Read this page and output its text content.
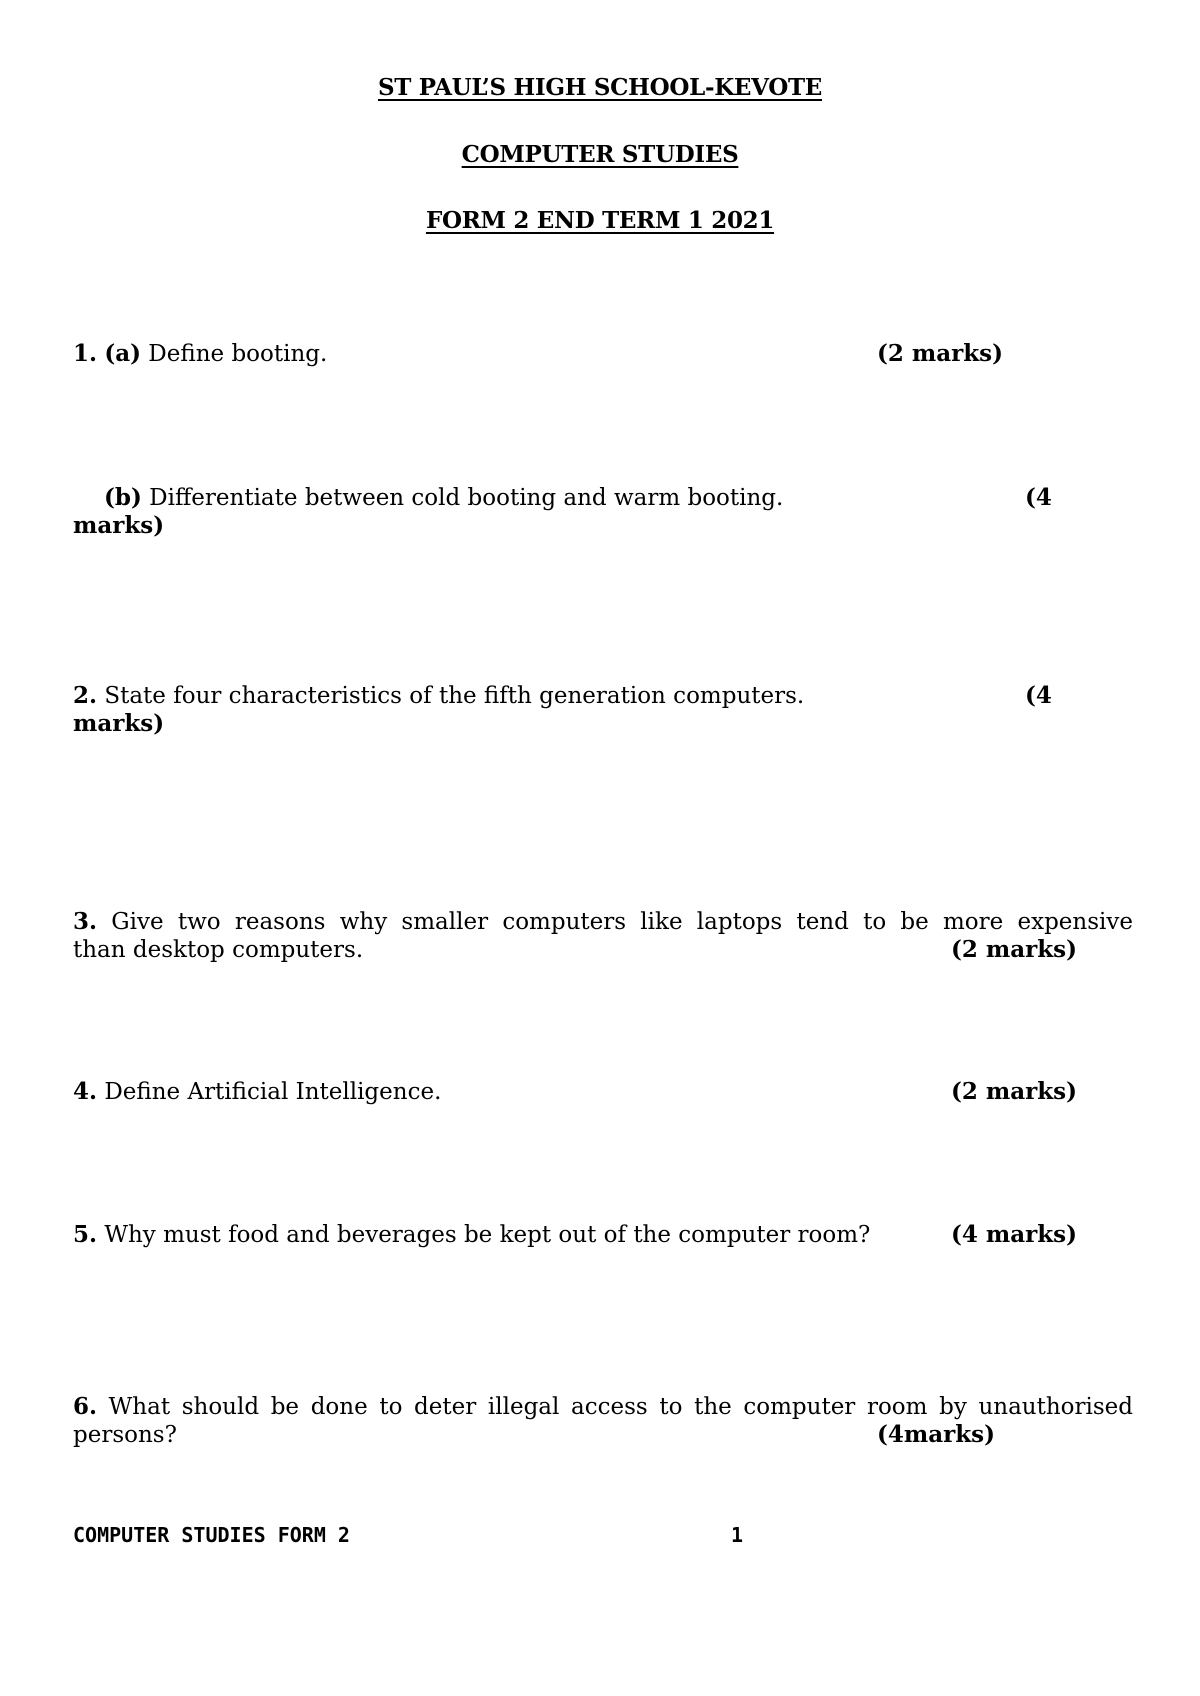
ST PAUL’S HIGH SCHOOL-KEVOTE
COMPUTER STUDIES
FORM 2 END TERM 1 2021
1. (a) Define booting.	(2 marks)
(b) Differentiate between cold booting and warm booting.	(4
marks)
2. State four characteristics of the fifth generation computers.	(4
marks)
3. Give two reasons why smaller computers like laptops tend to be more expensive
than desktop computers.	(2 marks)
4. Define Artificial Intelligence.	(2 marks)
5. Why must food and beverages be kept out of the computer room?	(4 marks)
6. What should be done to deter illegal access to the computer room by unauthorised
persons?	(4marks)
COMPUTER STUDIES FORM 2	1
